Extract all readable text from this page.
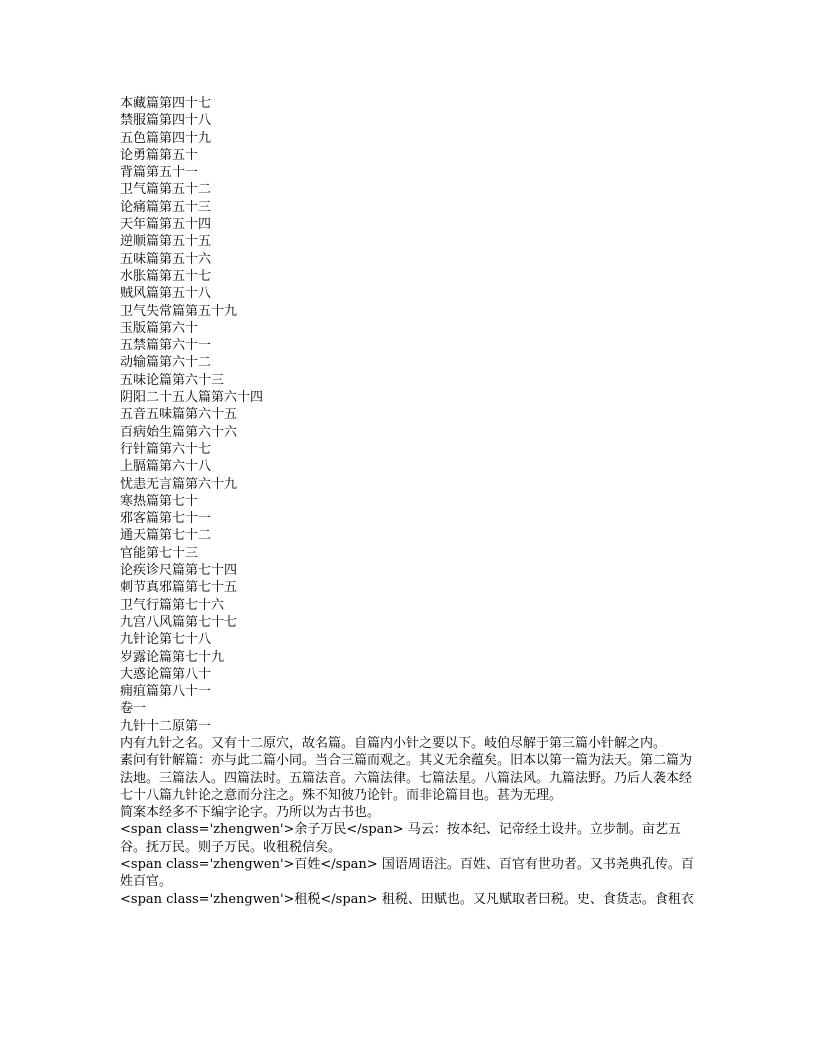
本藏篇第四十七
禁服篇第四十八
五色篇第四十九
论勇篇第五十
背篇第五十一
卫气篇第五十二
论痛篇第五十三
天年篇第五十四
逆顺篇第五十五
五味篇第五十六
水胀篇第五十七
贼风篇第五十八
卫气失常篇第五十九
玉版篇第六十
五禁篇第六十一
动输篇第六十二
五味论篇第六十三
阴阳二十五人篇第六十四
五音五味篇第六十五
百病始生篇第六十六
行针篇第六十七
上膈篇第六十八
忧恚无言篇第六十九
寒热篇第七十
邪客篇第七十一
通天篇第七十二
官能第七十三
论疾诊尺篇第七十四
刺节真邪篇第七十五
卫气行篇第七十六
九宫八风篇第七十七
九针论第七十八
岁露论篇第七十九
大惑论篇第八十
痈疽篇第八十一
卷一
九针十二原第一
内有九针之名。又有十二原穴，故名篇。自篇内小针之要以下。岐伯尽解于第三篇小针解之内。
素问有针解篇：亦与此二篇小同。当合三篇而观之。其义无余蕴矣。旧本以第一篇为法天。第二篇为法地。三篇法人。四篇法时。五篇法音。六篇法律。七篇法星。八篇法风。九篇法野。乃后人袭本经七十八篇九针论之意而分注之。殊不知彼乃论针。而非论篇目也。甚为无理。
简案本经多不下编字论字。乃所以为古书也。
<span class='zhengwen'>余子万民</span> 马云：按本纪、记帝经土设井。立步制。亩艺五谷。抚万民。则子万民。收租税信矣。
<span class='zhengwen'>百姓</span> 国语周语注。百姓、百官有世功者。又书尧典孔传。百姓百官。
<span class='zhengwen'>租税</span> 租税、田赋也。又凡赋取者曰税。史、食货志。食租衣
